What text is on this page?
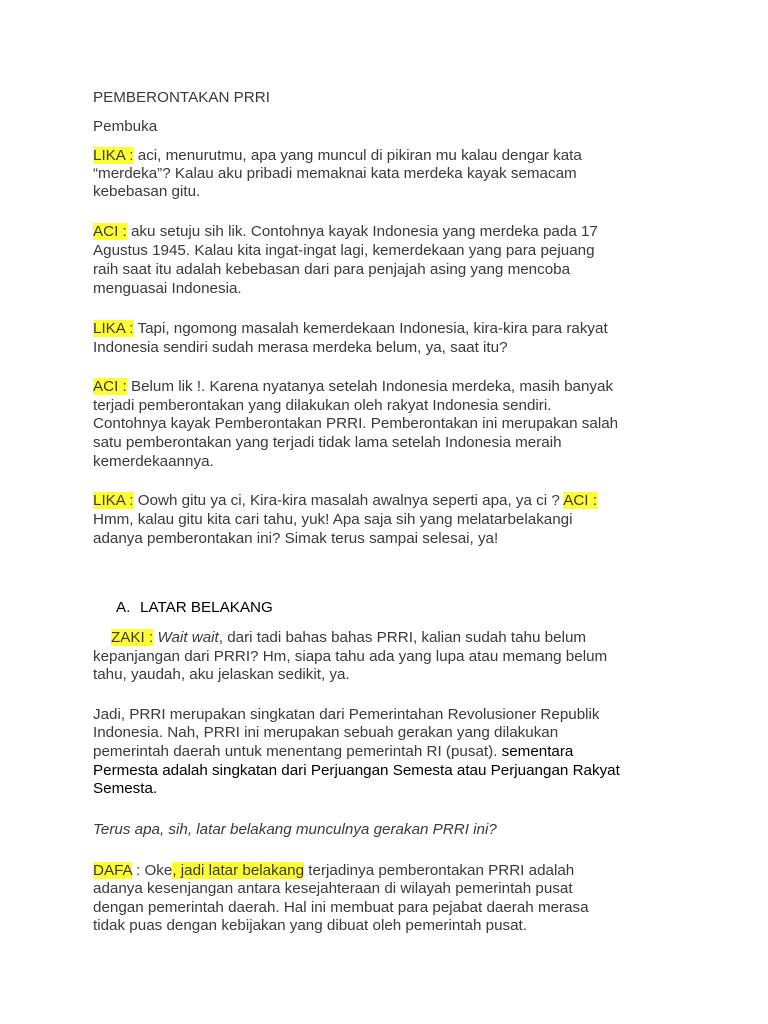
PEMBERONTAKAN PRRI
Pembuka
LIKA : aci, menurutmu, apa yang muncul di pikiran mu kalau dengar kata
“merdeka”? Kalau aku pribadi memaknai kata merdeka kayak semacam
kebebasan gitu.
ACI : aku setuju sih lik. Contohnya kayak Indonesia yang merdeka pada 17
Agustus 1945. Kalau kita ingat-ingat lagi, kemerdekaan yang para pejuang
raih saat itu adalah kebebasan dari para penjajah asing yang mencoba
menguasai Indonesia.
LIKA : Tapi, ngomong masalah kemerdekaan Indonesia, kira-kira para rakyat
Indonesia sendiri sudah merasa merdeka belum, ya, saat itu?
ACI : Belum lik !. Karena nyatanya setelah Indonesia merdeka, masih banyak
terjadi pemberontakan yang dilakukan oleh rakyat Indonesia sendiri.
Contohnya kayak Pemberontakan PRRI. Pemberontakan ini merupakan salah
satu pemberontakan yang terjadi tidak lama setelah Indonesia meraih
kemerdekaannya.
LIKA : Oowh gitu ya ci, Kira-kira masalah awalnya seperti apa, ya ci ? ACI :
Hmm, kalau gitu kita cari tahu, yuk! Apa saja sih yang melatarbelakangi
adanya pemberontakan ini? Simak terus sampai selesai, ya!
A. LATAR BELAKANG
ZAKI : Wait wait, dari tadi bahas bahas PRRI, kalian sudah tahu belum
kepanjangan dari PRRI? Hm, siapa tahu ada yang lupa atau memang belum
tahu, yaudah, aku jelaskan sedikit, ya.
Jadi, PRRI merupakan singkatan dari Pemerintahan Revolusioner Republik
Indonesia. Nah, PRRI ini merupakan sebuah gerakan yang dilakukan
pemerintah daerah untuk menentang pemerintah RI (pusat). sementara
Permesta adalah singkatan dari Perjuangan Semesta atau Perjuangan Rakyat
Semesta.
Terus apa, sih, latar belakang munculnya gerakan PRRI ini?
DAFA : Oke, jadi latar belakang terjadinya pemberontakan PRRI adalah
adanya kesenjangan antara kesejahteraan di wilayah pemerintah pusat
dengan pemerintah daerah. Hal ini membuat para pejabat daerah merasa
tidak puas dengan kebijakan yang dibuat oleh pemerintah pusat.
